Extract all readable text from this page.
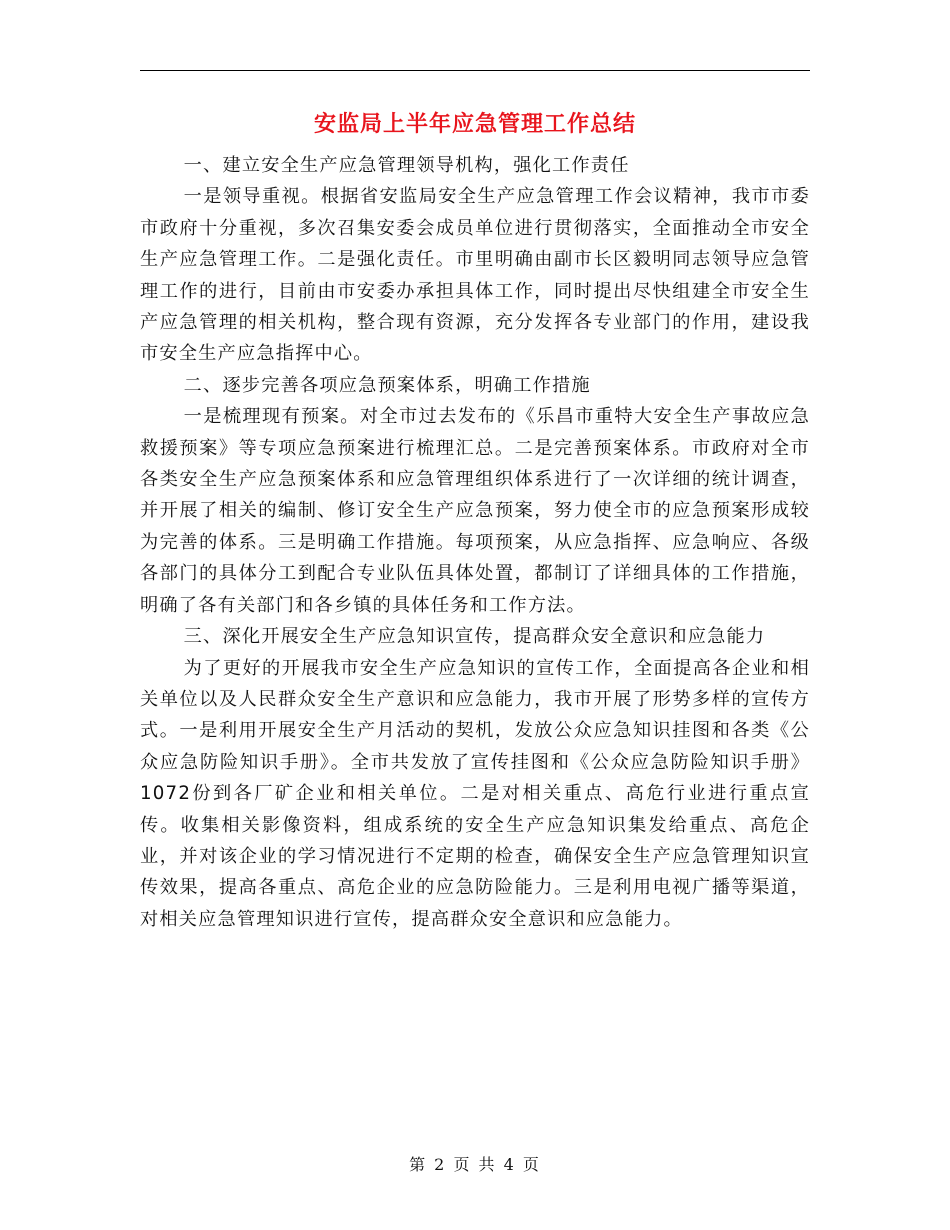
安监局上半年应急管理工作总结

一、建立安全生产应急管理领导机构，强化工作责任

一是领导重视。根据省安监局安全生产应急管理工作会议精神，我市市委市政府十分重视，多次召集安委会成员单位进行贯彻落实，全面推动全市安全生产应急管理工作。二是强化责任。市里明确由副市长区毅明同志领导应急管理工作的进行，目前由市安委办承担具体工作，同时提出尽快组建全市安全生产应急管理的相关机构，整合现有资源，充分发挥各专业部门的作用，建设我市安全生产应急指挥中心。

二、逐步完善各项应急预案体系，明确工作措施

一是梳理现有预案。对全市过去发布的《乐昌市重特大安全生产事故应急救援预案》等专项应急预案进行梳理汇总。二是完善预案体系。市政府对全市各类安全生产应急预案体系和应急管理组织体系进行了一次详细的统计调查，并开展了相关的编制、修订安全生产应急预案，努力使全市的应急预案形成较为完善的体系。三是明确工作措施。每项预案，从应急指挥、应急响应、各级各部门的具体分工到配合专业队伍具体处置，都制订了详细具体的工作措施，明确了各有关部门和各乡镇的具体任务和工作方法。

三、深化开展安全生产应急知识宣传，提高群众安全意识和应急能力

为了更好的开展我市安全生产应急知识的宣传工作，全面提高各企业和相关单位以及人民群众安全生产意识和应急能力，我市开展了形势多样的宣传方式。一是利用开展安全生产月活动的契机，发放公众应急知识挂图和各类《公众应急防险知识手册》。全市共发放了宣传挂图和《公众应急防险知识手册》1072份到各厂矿企业和相关单位。二是对相关重点、高危行业进行重点宣传。收集相关影像资料，组成系统的安全生产应急知识集发给重点、高危企业，并对该企业的学习情况进行不定期的检查，确保安全生产应急管理知识宣传效果，提高各重点、高危企业的应急防险能力。三是利用电视广播等渠道，对相关应急管理知识进行宣传，提高群众安全意识和应急能力。

第 2 页 共 4 页
